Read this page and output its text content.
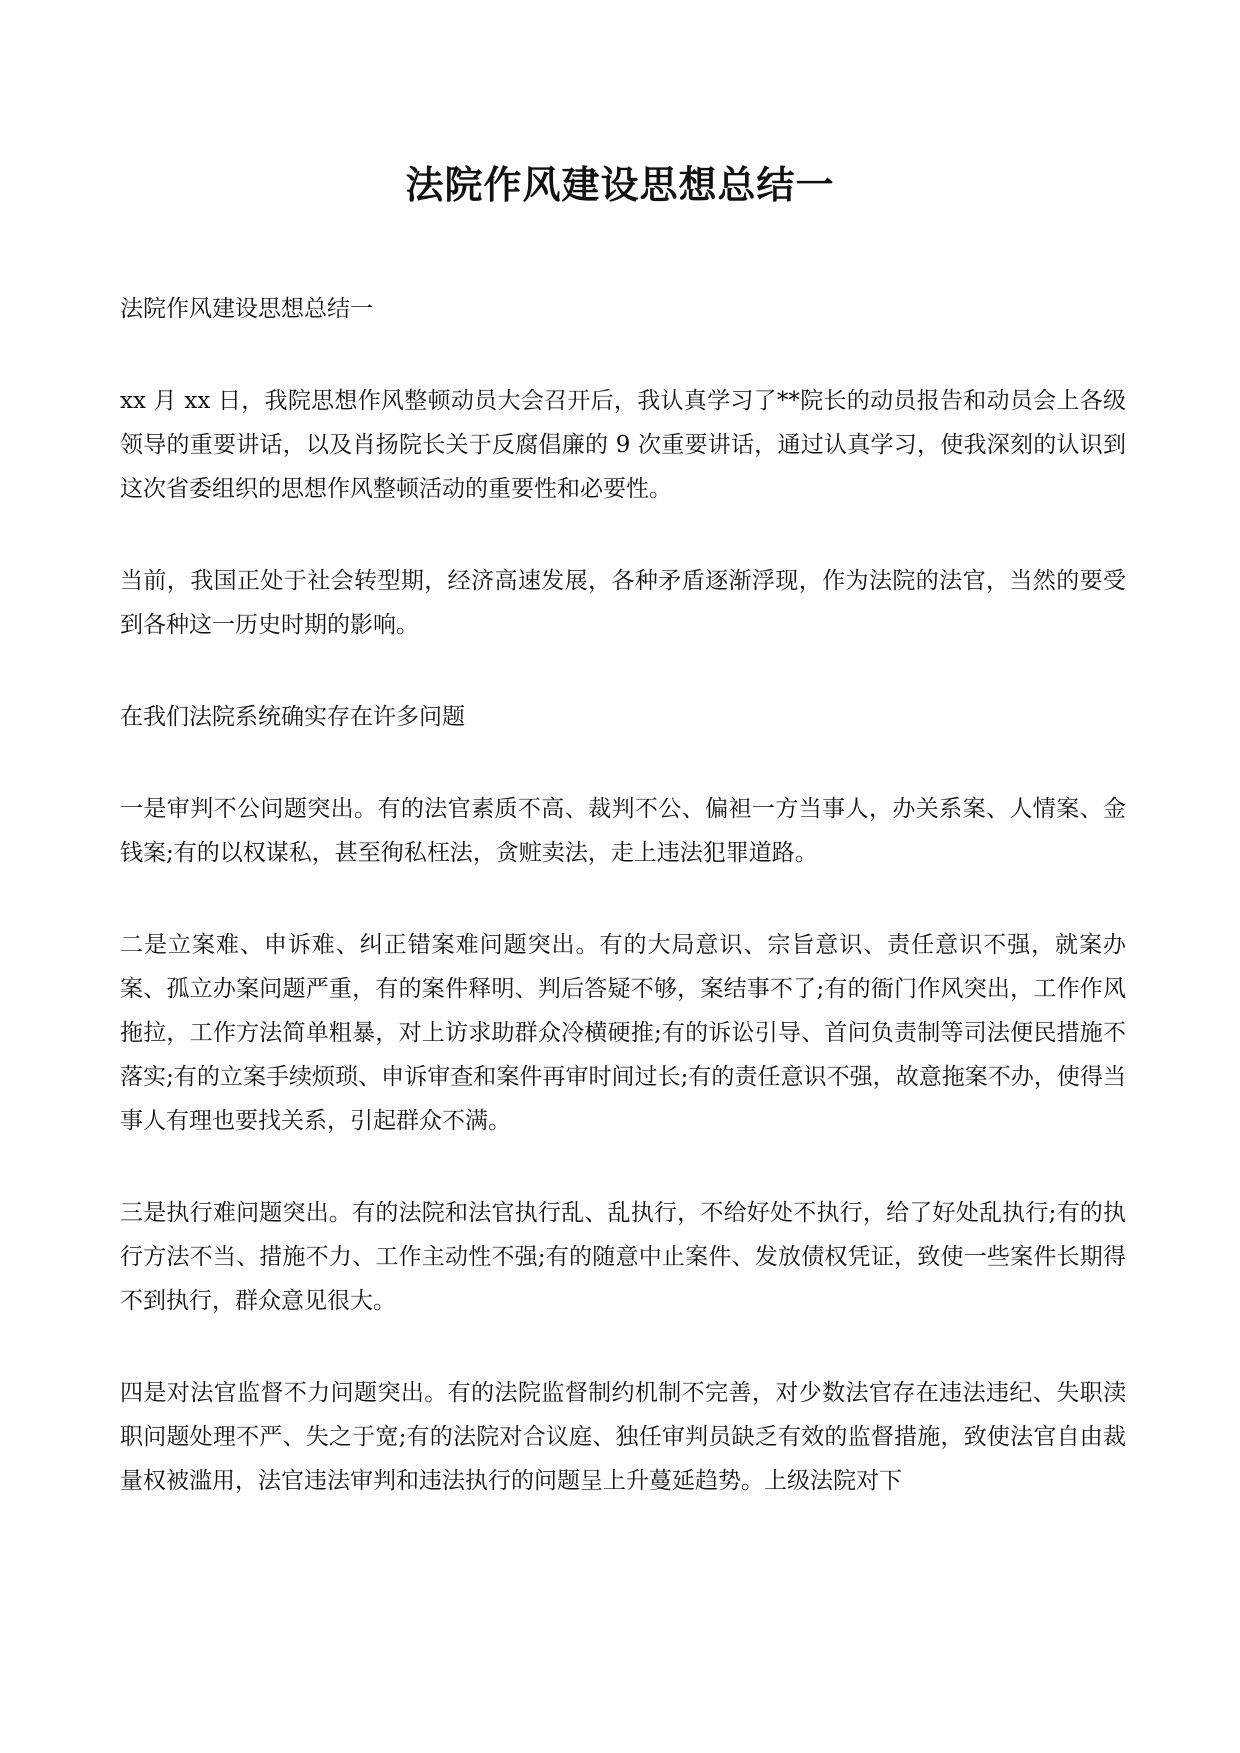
法院作风建设思想总结一

法院作风建设思想总结一

xx 月 xx 日，我院思想作风整顿动员大会召开后，我认真学习了**院长的动员报告和动员会上各级领导的重要讲话，以及肖扬院长关于反腐倡廉的 9 次重要讲话，通过认真学习，使我深刻的认识到这次省委组织的思想作风整顿活动的重要性和必要性。

当前，我国正处于社会转型期，经济高速发展，各种矛盾逐渐浮现，作为法院的法官，当然的要受到各种这一历史时期的影响。

在我们法院系统确实存在许多问题

一是审判不公问题突出。有的法官素质不高、裁判不公、偏袒一方当事人，办关系案、人情案、金钱案;有的以权谋私，甚至徇私枉法，贪赃卖法，走上违法犯罪道路。

二是立案难、申诉难、纠正错案难问题突出。有的大局意识、宗旨意识、责任意识不强，就案办案、孤立办案问题严重，有的案件释明、判后答疑不够，案结事不了;有的衙门作风突出，工作作风拖拉，工作方法简单粗暴，对上访求助群众冷横硬推;有的诉讼引导、首问负责制等司法便民措施不落实;有的立案手续烦琐、申诉审查和案件再审时间过长;有的责任意识不强，故意拖案不办，使得当事人有理也要找关系，引起群众不满。

三是执行难问题突出。有的法院和法官执行乱、乱执行，不给好处不执行，给了好处乱执行;有的执行方法不当、措施不力、工作主动性不强;有的随意中止案件、发放债权凭证，致使一些案件长期得不到执行，群众意见很大。

四是对法官监督不力问题突出。有的法院监督制约机制不完善，对少数法官存在违法违纪、失职渎职问题处理不严、失之于宽;有的法院对合议庭、独任审判员缺乏有效的监督措施，致使法官自由裁量权被滥用，法官违法审判和违法执行的问题呈上升蔓延趋势。上级法院对下
